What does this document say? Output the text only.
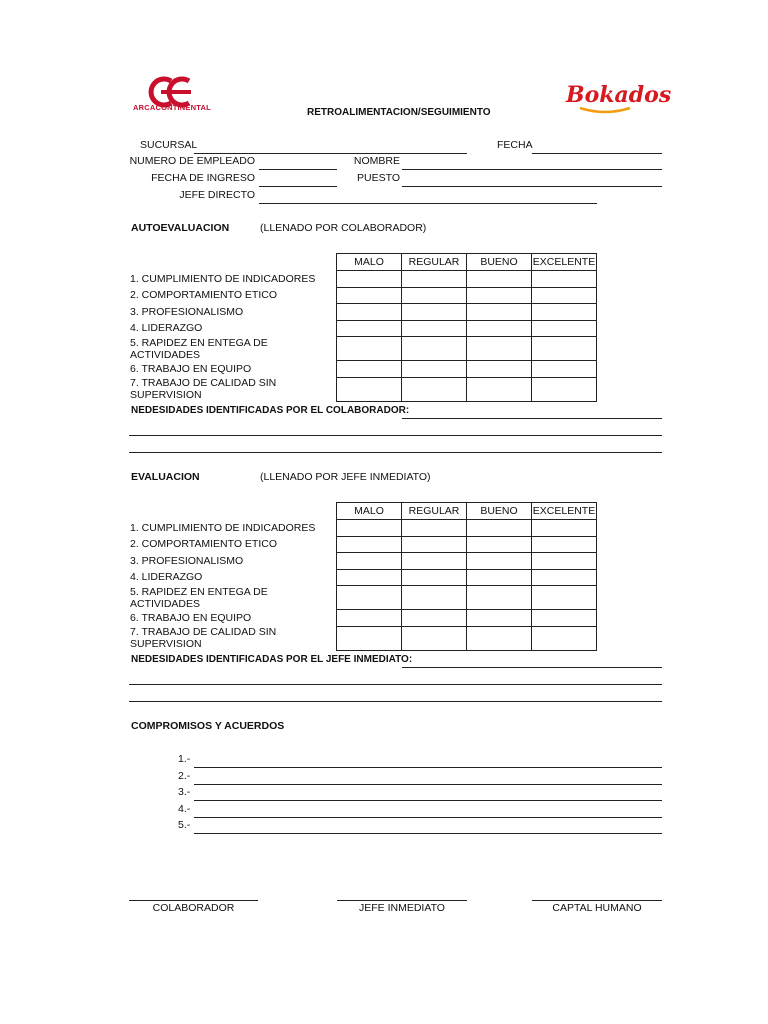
ARCACONTINENTAL	Bokados
RETROALIMENTACION/SEGUIMIENTO
SUCURSAL	FECHA
NUMERO DE EMPLEADO	NOMBRE
FECHA DE INGRESO	PUESTO
JEFE DIRECTO
AUTOEVALUACION	(LLENADO POR COLABORADOR)
	MALO	REGULAR	BUENO	EXCELENTE
1. CUMPLIMIENTO DE INDICADORES				
2. COMPORTAMIENTO ETICO				
3. PROFESIONALISMO				
4. LIDERAZGO				
5. RAPIDEZ EN ENTEGA DE ACTIVIDADES				
6. TRABAJO EN EQUIPO				
7. TRABAJO DE CALIDAD SIN SUPERVISION				
NEDESIDADES IDENTIFICADAS POR EL COLABORADOR:
EVALUACION	(LLENADO POR JEFE INMEDIATO)
	MALO	REGULAR	BUENO	EXCELENTE
1. CUMPLIMIENTO DE INDICADORES				
2. COMPORTAMIENTO ETICO				
3. PROFESIONALISMO				
4. LIDERAZGO				
5. RAPIDEZ EN ENTEGA DE ACTIVIDADES				
6. TRABAJO EN EQUIPO				
7. TRABAJO DE CALIDAD SIN SUPERVISION				
NEDESIDADES IDENTIFICADAS POR EL JEFE INMEDIATO:
COMPROMISOS Y ACUERDOS
1.-
2.-
3.-
4.-
5.-
COLABORADOR	JEFE INMEDIATO	CAPTAL HUMANO
